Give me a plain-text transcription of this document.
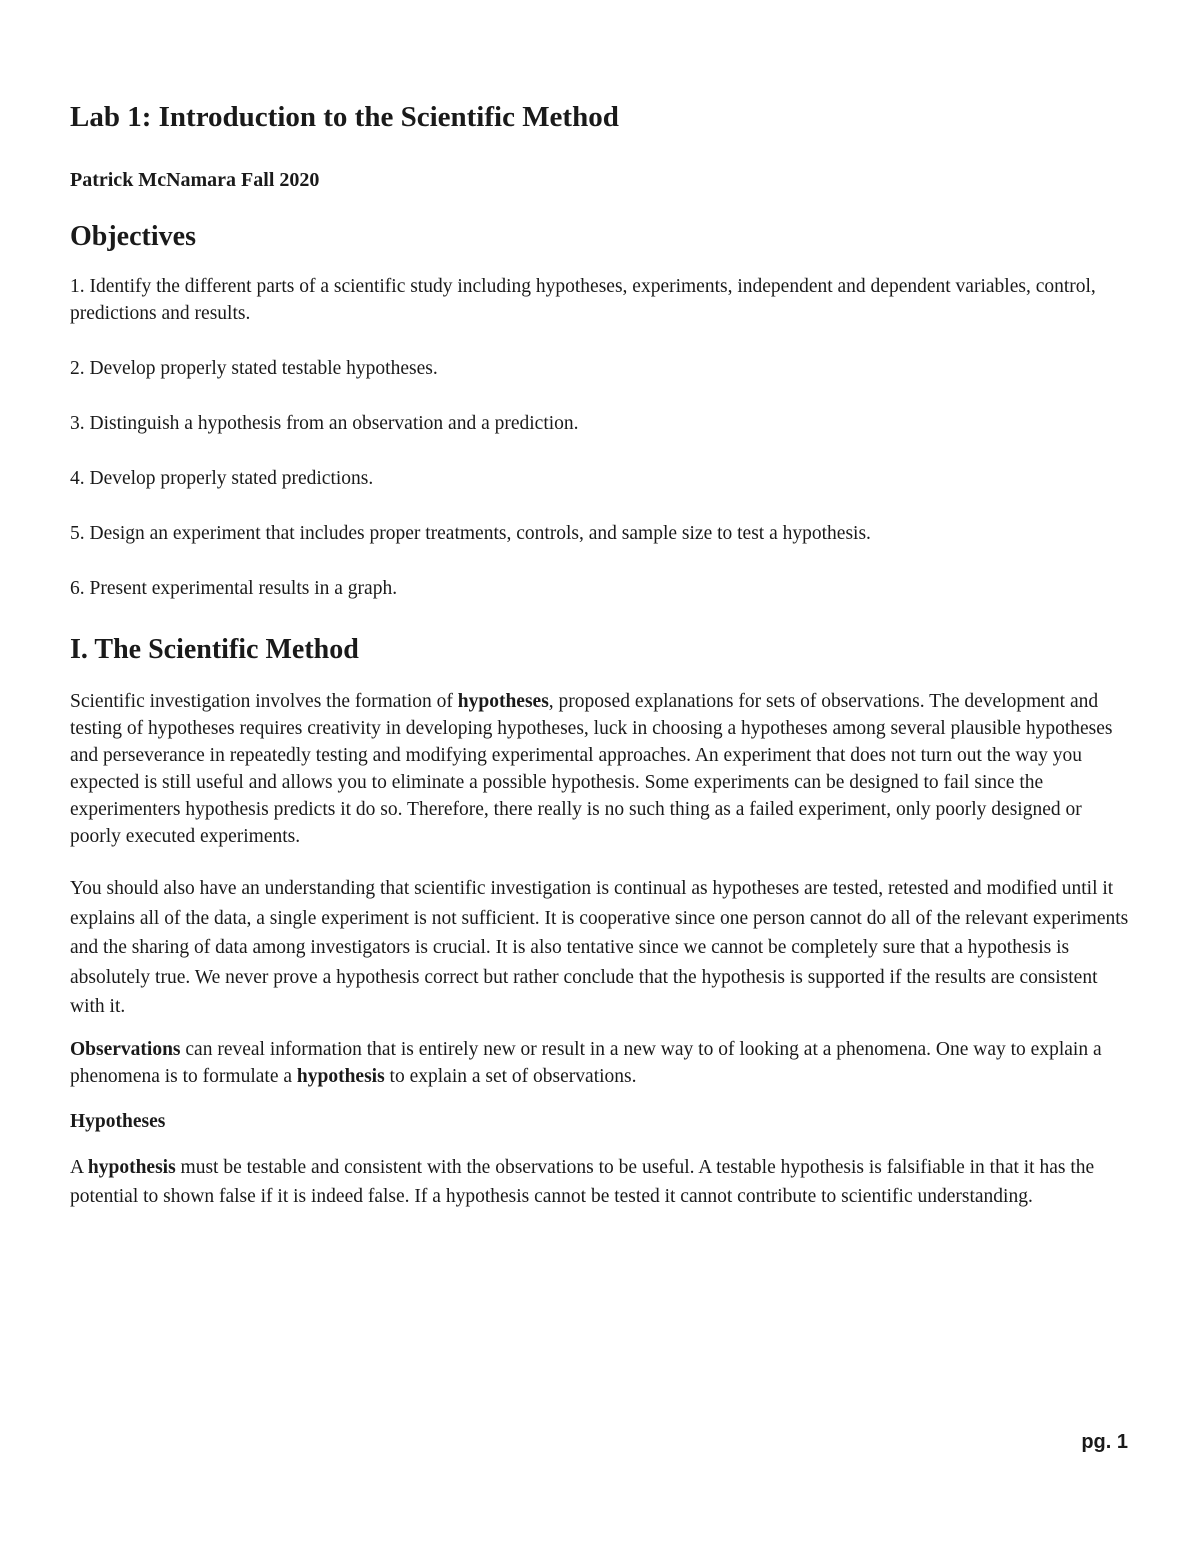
Lab 1: Introduction to the Scientific Method

Patrick McNamara Fall 2020

Objectives

1. Identify the different parts of a scientific study including hypotheses, experiments, independent and dependent variables, control, predictions and results.

2. Develop properly stated testable hypotheses.

3. Distinguish a hypothesis from an observation and a prediction.

4. Develop properly stated predictions.

5. Design an experiment that includes proper treatments, controls, and sample size to test a hypothesis.

6. Present experimental results in a graph.

I. The Scientific Method

Scientific investigation involves the formation of hypotheses, proposed explanations for sets of observations. The development and testing of hypotheses requires creativity in developing hypotheses, luck in choosing a hypotheses among several plausible hypotheses and perseverance in repeatedly testing and modifying experimental approaches. An experiment that does not turn out the way you expected is still useful and allows you to eliminate a possible hypothesis. Some experiments can be designed to fail since the experimenters hypothesis predicts it do so. Therefore, there really is no such thing as a failed experiment, only poorly designed or poorly executed experiments.

You should also have an understanding that scientific investigation is continual as hypotheses are tested, retested and modified until it explains all of the data, a single experiment is not sufficient. It is cooperative since one person cannot do all of the relevant experiments and the sharing of data among investigators is crucial. It is also tentative since we cannot be completely sure that a hypothesis is absolutely true. We never prove a hypothesis correct but rather conclude that the hypothesis is supported if the results are consistent with it.

Observations can reveal information that is entirely new or result in a new way to of looking at a phenomena. One way to explain a phenomena is to formulate a hypothesis to explain a set of observations.

Hypotheses

A hypothesis must be testable and consistent with the observations to be useful. A testable hypothesis is falsifiable in that it has the potential to shown false if it is indeed false. If a hypothesis cannot be tested it cannot contribute to scientific understanding.

pg. 1
